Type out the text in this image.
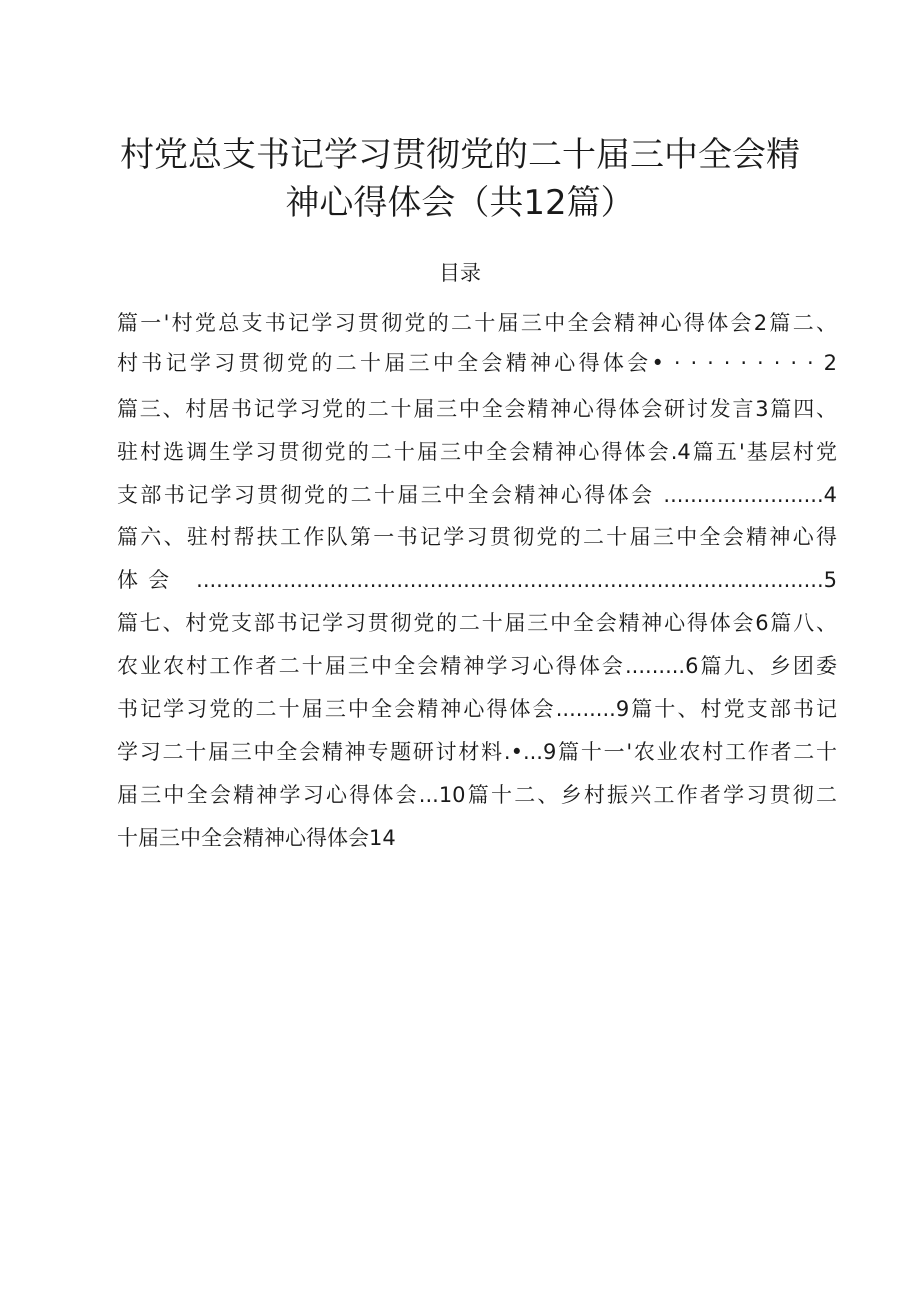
村党总支书记学习贯彻党的二十届三中全会精
神心得体会（共12篇）
目录

篇一'村党总支书记学习贯彻党的二十届三中全会精神心得体会2篇二、

村书记学习贯彻党的二十届三中全会精神心得体会• · · · · · · · · · 2

篇三、村居书记学习党的二十届三中全会精神心得体会研讨发言3篇四、

驻村选调生学习贯彻党的二十届三中全会精神心得体会.4篇五'基层村党

支部书记学习贯彻党的二十届三中全会精神心得体会 ........................4

篇六、驻村帮扶工作队第一书记学习贯彻党的二十届三中全会精神心得

体会 ..............................................................................................5

篇七、村党支部书记学习贯彻党的二十届三中全会精神心得体会6篇八、

农业农村工作者二十届三中全会精神学习心得体会.........6篇九、乡团委

书记学习党的二十届三中全会精神心得体会.........9篇十、村党支部书记

学习二十届三中全会精神专题研讨材料.•...9篇十一'农业农村工作者二十

届三中全会精神学习心得体会...10篇十二、乡村振兴工作者学习贯彻二

十届三中全会精神心得体会14
